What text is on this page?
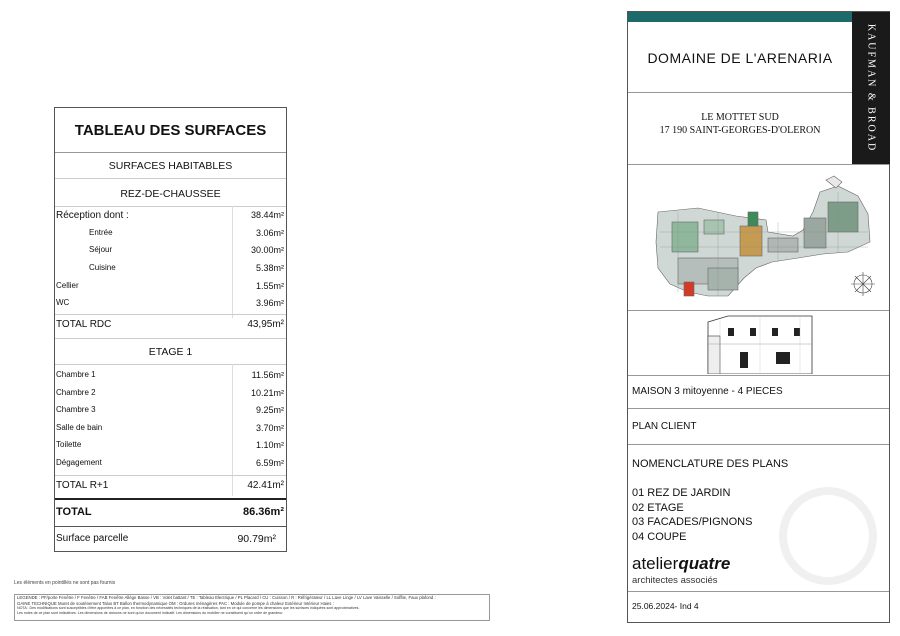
TABLEAU DES SURFACES
SURFACES HABITABLES
REZ-DE-CHAUSSEE
Réception dont :	38.44m²
Entrée	3.06m²
Séjour	30.00m²
Cuisine	5.38m²
Cellier	1.55m²
WC	3.96m²
TOTAL RDC	43,95m²
ETAGE 1
Chambre 1	11.56m²
Chambre 2	10.21m²
Chambre 3	9.25m²
Salle de bain	3.70m²
Toilette	1.10m²
Dégagement	6.59m²
TOTAL R+1	42.41m²
TOTAL	86.36m²
Surface parcelle	90.79m²
KAUFMAN & BROAD
DOMAINE DE L'ARENARIA
LE MOTTET SUD
17 190 SAINT-GEORGES-D'OLERON
MAISON 3 mitoyenne - 4 PIECES
PLAN CLIENT
NOMENCLATURE DES PLANS
01 REZ DE JARDIN
02 ETAGE
03 FACADES/PIGNONS
04 COUPE
atelierquatre
architectes associés
25.06.2024- Ind 4
Les éléments en pointillés ne sont pas fournis
LEGENDE : PF/porte Fenêtre / F Fenêtre / FAB Fenêtre Allège Basse / VB : Volet battant / TE : Tableau Electrique / PL Placard / CU : Cuisson / R : Réfrigérateur / LL Lave Linge / LV Lave Vaisselle / Soffite, Faux plafond :
GAINE TECHNIQUE Muret de soutènement Talus BT Ballon thermodynamique OM : Ordures ménagères PAC : Module de pompe à chaleur Extérieur Intérieur Haies :
NOTA : Des modifications sont susceptibles d'être apportées à ce plan, en fonction des nécessités techniques de la réalisation, tant en ce qui concerne les dimensions que les surfaces indiquées sont approximatives.
Les notes de ce plan sont indicatives. Les dimensions de cloisons ne sont qu'un document indicatif. Les dimensions du mobilier ne constituent qu'un ordre de grandeur.
